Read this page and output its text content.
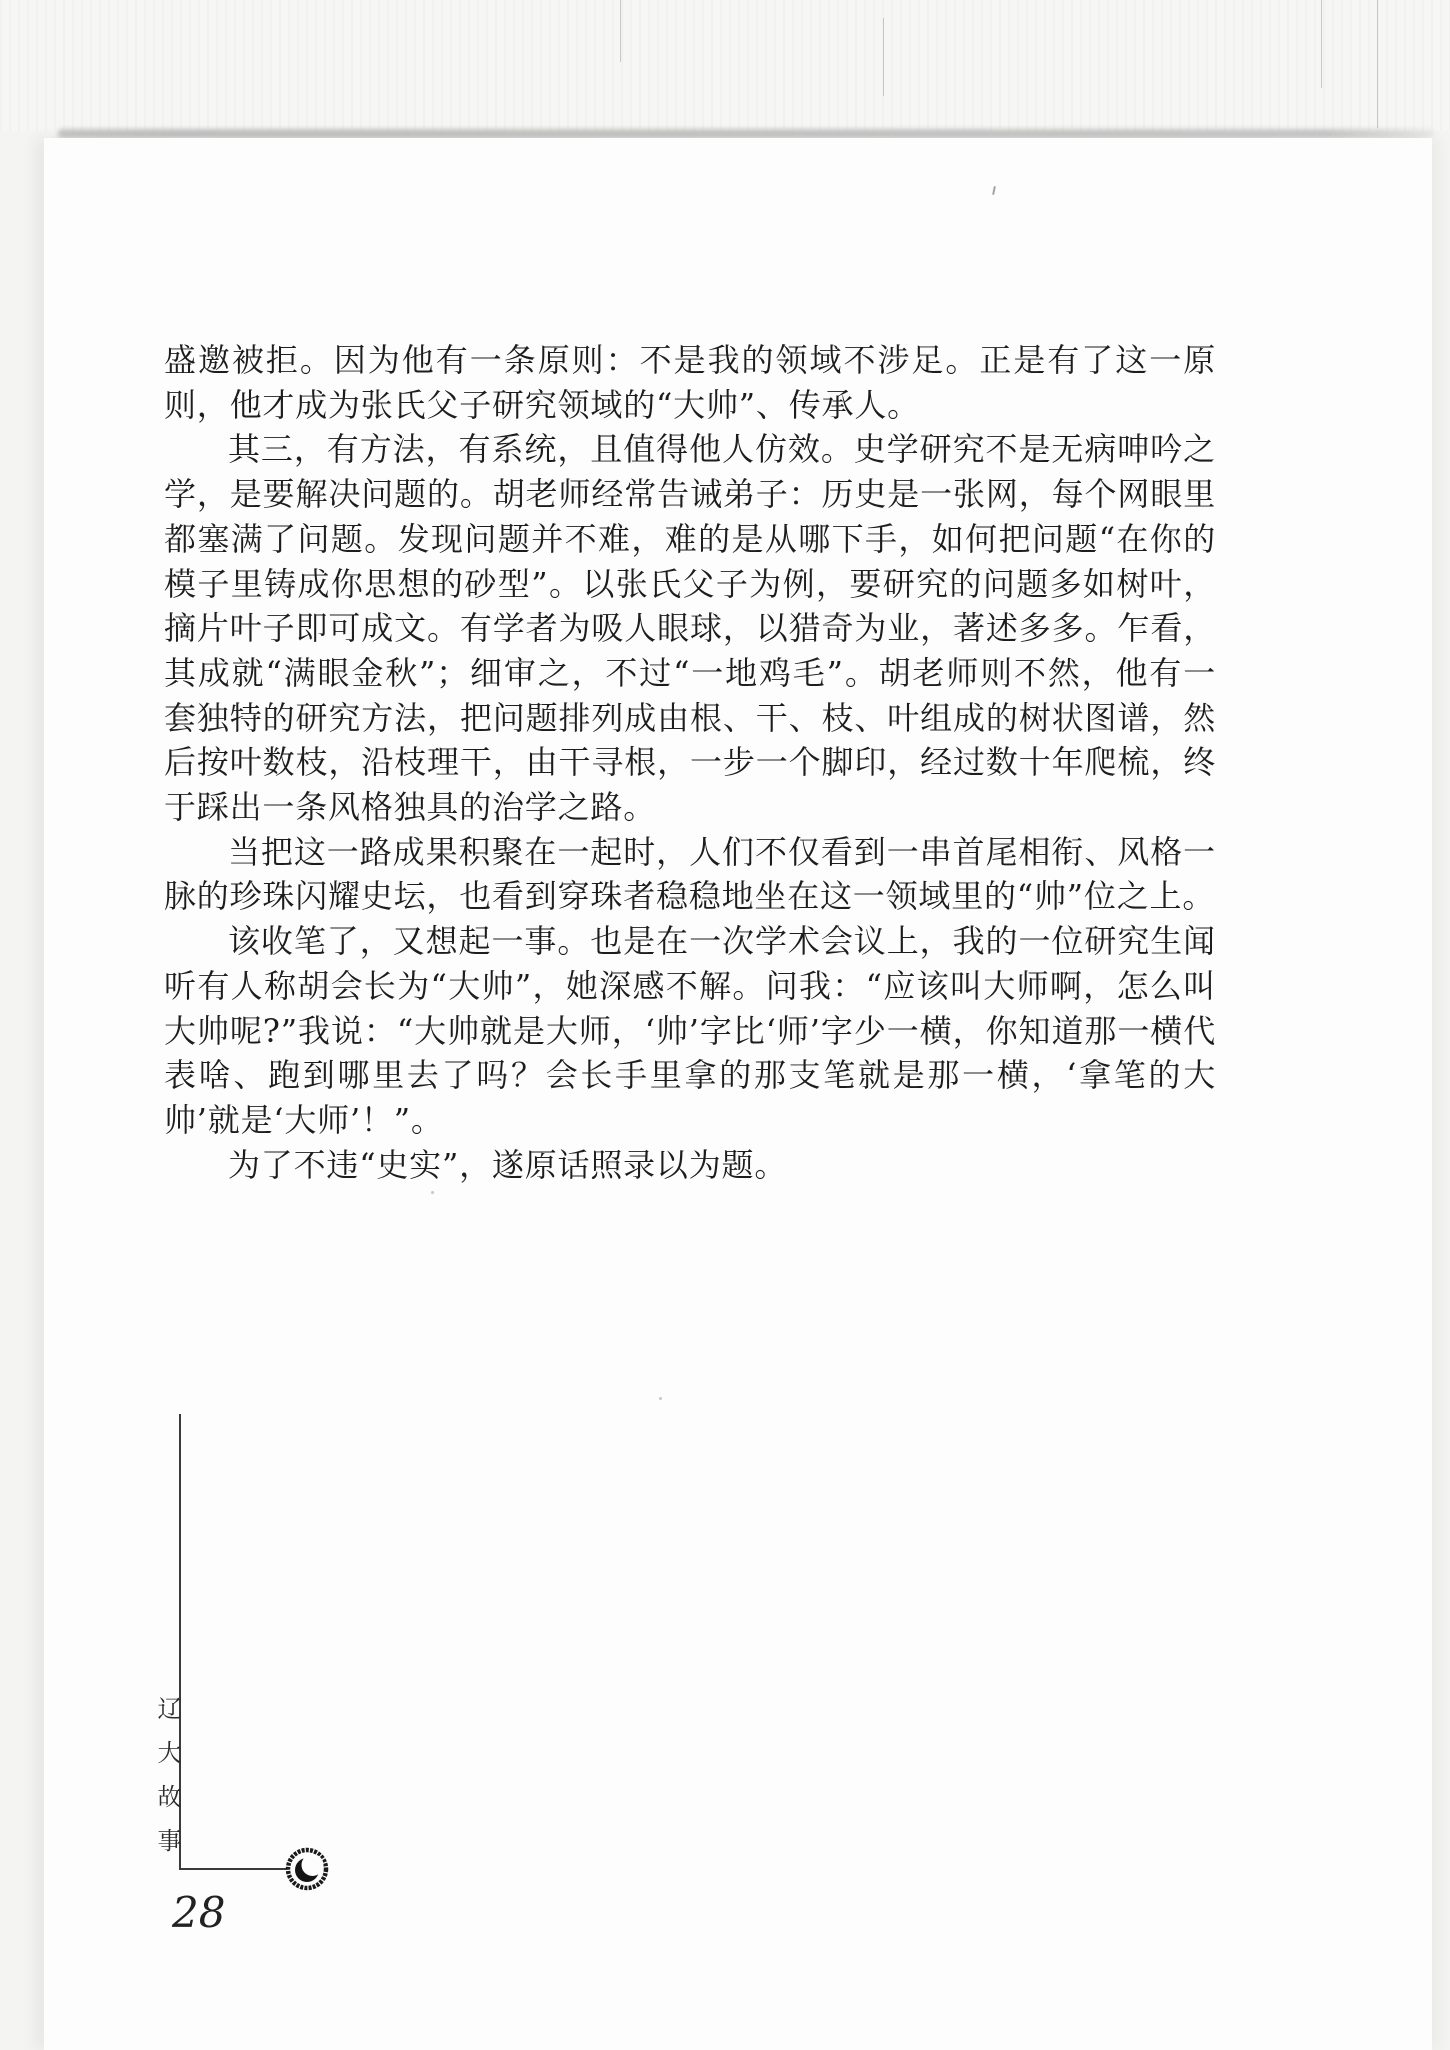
盛邀被拒。因为他有一条原则：不是我的领域不涉足。正是有了这一原则，他才成为张氏父子研究领域的“大帅”、传承人。

其三，有方法，有系统，且值得他人仿效。史学研究不是无病呻吟之学，是要解决问题的。胡老师经常告诫弟子：历史是一张网，每个网眼里都塞满了问题。发现问题并不难，难的是从哪下手，如何把问题“在你的模子里铸成你思想的砂型”。以张氏父子为例，要研究的问题多如树叶，摘片叶子即可成文。有学者为吸人眼球，以猎奇为业，著述多多。乍看，其成就“满眼金秋”；细审之，不过“一地鸡毛”。胡老师则不然，他有一套独特的研究方法，把问题排列成由根、干、枝、叶组成的树状图谱，然后按叶数枝，沿枝理干，由干寻根，一步一个脚印，经过数十年爬梳，终于踩出一条风格独具的治学之路。

当把这一路成果积聚在一起时，人们不仅看到一串首尾相衔、风格一脉的珍珠闪耀史坛，也看到穿珠者稳稳地坐在这一领域里的“帅”位之上。

该收笔了，又想起一事。也是在一次学术会议上，我的一位研究生闻听有人称胡会长为“大帅”，她深感不解。问我：“应该叫大师啊，怎么叫大帅呢?”我说：“大帅就是大师，‘帅’字比‘师’字少一横，你知道那一横代表啥、跑到哪里去了吗？会长手里拿的那支笔就是那一横，‘拿笔的大帅’就是‘大师’！”。

为了不违“史实”，遂原话照录以为题。

辽大故事
28
